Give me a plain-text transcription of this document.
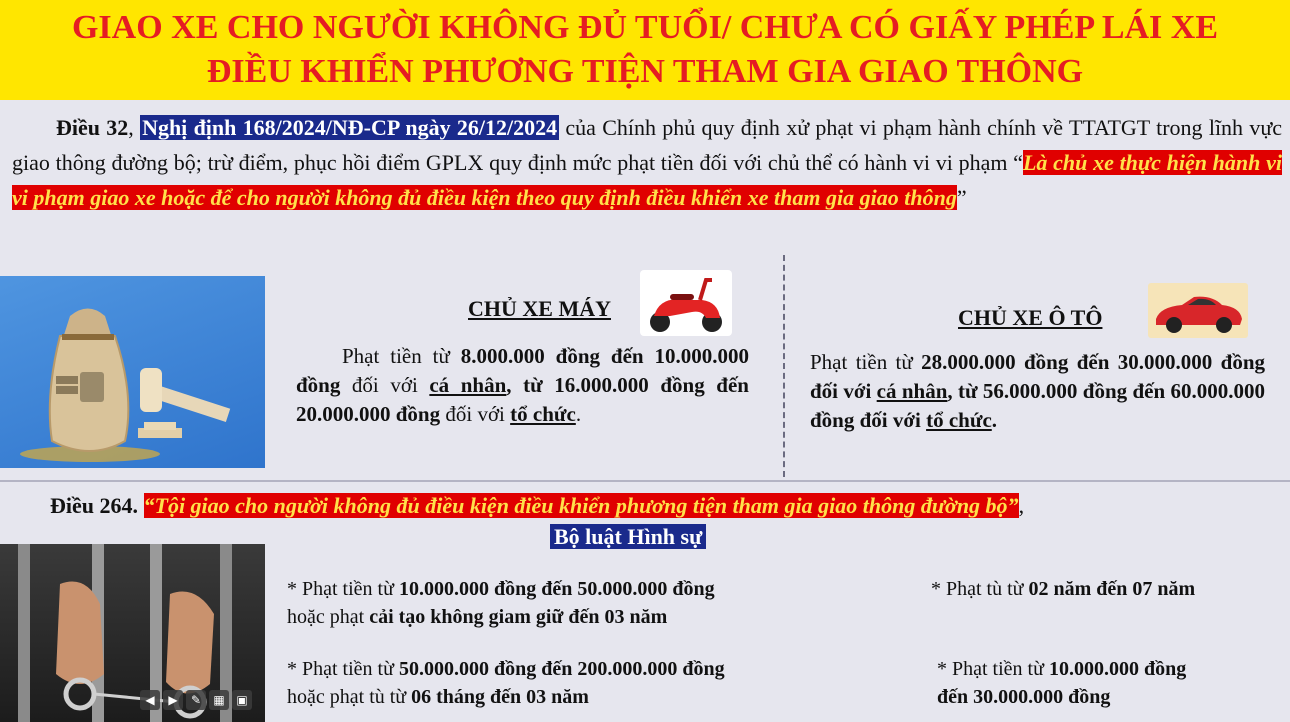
GIAO XE CHO NGƯỜI KHÔNG ĐỦ TUỔI/ CHƯA CÓ GIẤY PHÉP LÁI XE
ĐIỀU KHIỂN PHƯƠNG TIỆN THAM GIA GIAO THÔNG
Điều 32, Nghị định 168/2024/NĐ-CP ngày 26/12/2024 của Chính phủ quy định xử phạt vi phạm hành chính về TTATGT trong lĩnh vực giao thông đường bộ; trừ điểm, phục hồi điểm GPLX quy định mức phạt tiền đối với chủ thể có hành vi vi phạm “Là chủ xe thực hiện hành vi vi phạm giao xe hoặc để cho người không đủ điều kiện theo quy định điều khiển xe tham gia giao thông”
CHỦ XE MÁY
Phạt tiền từ 8.000.000 đồng đến 10.000.000 đồng đối với cá nhân, từ 16.000.000 đồng đến 20.000.000 đồng đối với tổ chức.
CHỦ XE Ô TÔ
Phạt tiền từ 28.000.000 đồng đến 30.000.000 đồng đối với cá nhân, từ 56.000.000 đồng đến 60.000.000 đồng đối với tổ chức.
Điều 264. “Tội giao cho người không đủ điều kiện điều khiển phương tiện tham gia giao thông đường bộ”,
Bộ luật Hình sự
* Phạt tiền từ 10.000.000 đồng đến 50.000.000 đồng
hoặc phạt cải tạo không giam giữ đến 03 năm
* Phạt tù từ 02 năm đến 07 năm
* Phạt tiền từ 50.000.000 đồng đến 200.000.000 đồng
hoặc phạt tù từ 06 tháng đến 03 năm
* Phạt tiền từ 10.000.000 đồng
đến 30.000.000 đồng
◀ ▶ ✎ ▦ ▣
